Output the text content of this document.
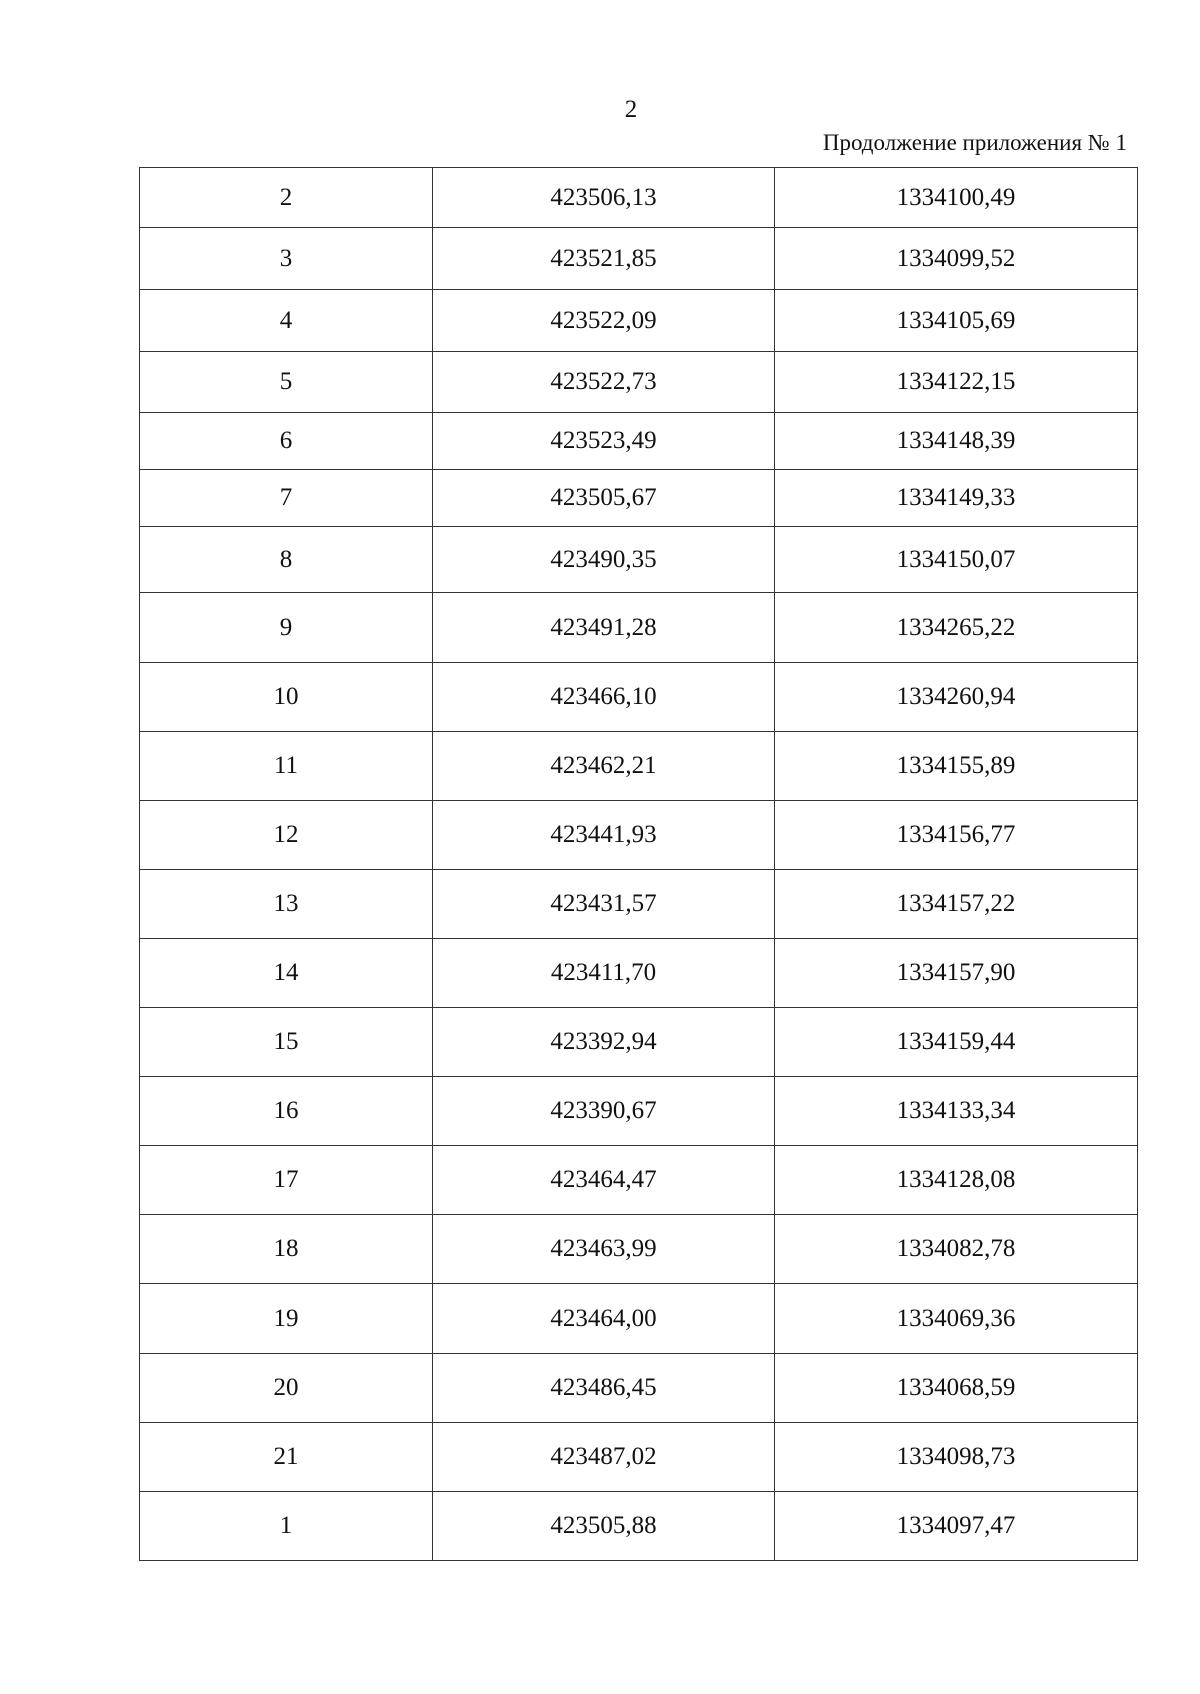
2
Продолжение приложения № 1
2	423506,13	1334100,49
3	423521,85	1334099,52
4	423522,09	1334105,69
5	423522,73	1334122,15
6	423523,49	1334148,39
7	423505,67	1334149,33
8	423490,35	1334150,07
9	423491,28	1334265,22
10	423466,10	1334260,94
11	423462,21	1334155,89
12	423441,93	1334156,77
13	423431,57	1334157,22
14	423411,70	1334157,90
15	423392,94	1334159,44
16	423390,67	1334133,34
17	423464,47	1334128,08
18	423463,99	1334082,78
19	423464,00	1334069,36
20	423486,45	1334068,59
21	423487,02	1334098,73
1	423505,88	1334097,47
